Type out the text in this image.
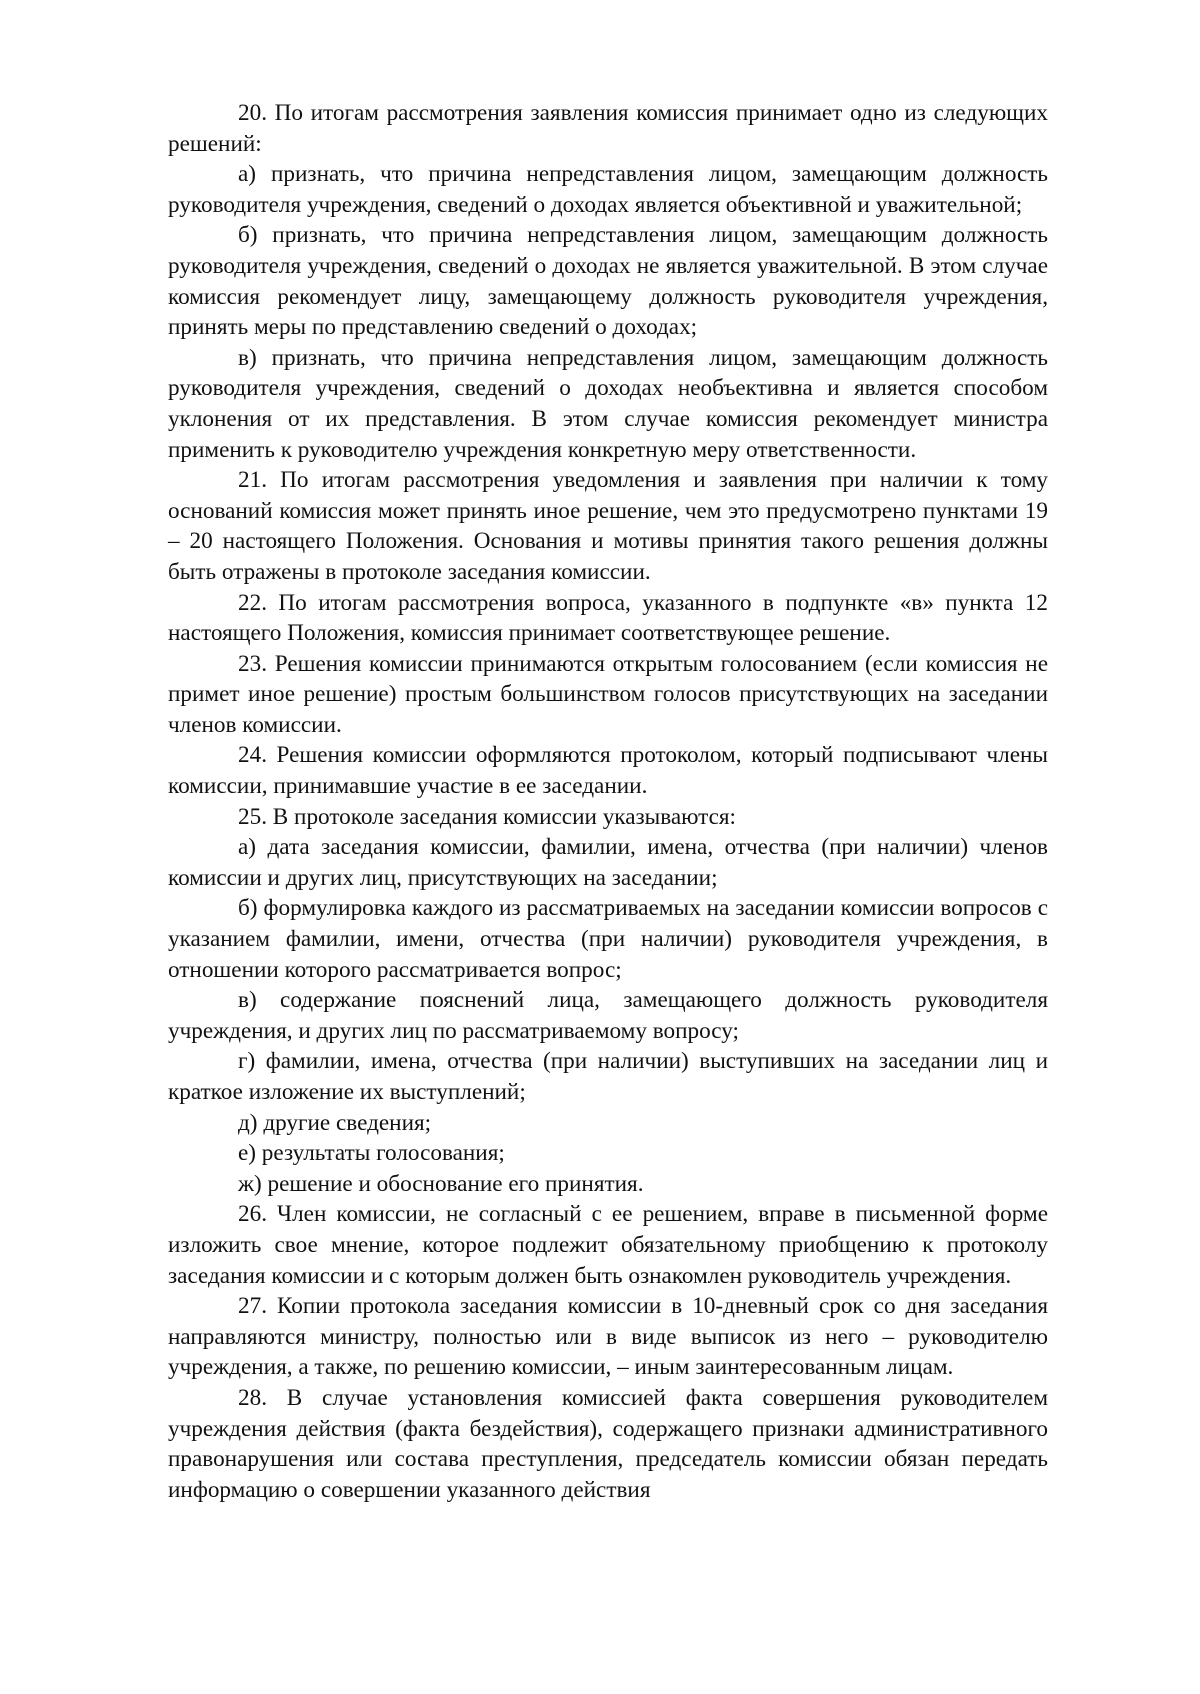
20. По итогам рассмотрения заявления комиссия принимает одно из следующих решений:

а) признать, что причина непредставления лицом, замещающим должность руководителя учреждения, сведений о доходах является объективной и уважительной;

б) признать, что причина непредставления лицом, замещающим должность руководителя учреждения, сведений о доходах не является уважительной. В этом случае комиссия рекомендует лицу, замещающему должность руководителя учреждения, принять меры по представлению сведений о доходах;

в) признать, что причина непредставления лицом, замещающим должность руководителя учреждения, сведений о доходах необъективна и является способом уклонения от их представления. В этом случае комиссия рекомендует министра применить к руководителю учреждения конкретную меру ответственности.

21. По итогам рассмотрения уведомления и заявления при наличии к тому оснований комиссия может принять иное решение, чем это предусмотрено пунктами 19 – 20 настоящего Положения. Основания и мотивы принятия такого решения должны быть отражены в протоколе заседания комиссии.

22. По итогам рассмотрения вопроса, указанного в подпункте «в» пункта 12 настоящего Положения, комиссия принимает соответствующее решение.

23. Решения комиссии принимаются открытым голосованием (если комиссия не примет иное решение) простым большинством голосов присутствующих на заседании членов комиссии.

24. Решения комиссии оформляются протоколом, который подписывают члены комиссии, принимавшие участие в ее заседании.

25. В протоколе заседания комиссии указываются:

а) дата заседания комиссии, фамилии, имена, отчества (при наличии) членов комиссии и других лиц, присутствующих на заседании;

б) формулировка каждого из рассматриваемых на заседании комиссии вопросов с указанием фамилии, имени, отчества (при наличии) руководителя учреждения, в отношении которого рассматривается вопрос;

в) содержание пояснений лица, замещающего должность руководителя учреждения, и других лиц по рассматриваемому вопросу;

г) фамилии, имена, отчества (при наличии) выступивших на заседании лиц и краткое изложение их выступлений;

д) другие сведения;

е) результаты голосования;

ж) решение и обоснование его принятия.

26. Член комиссии, не согласный с ее решением, вправе в письменной форме изложить свое мнение, которое подлежит обязательному приобщению к протоколу заседания комиссии и с которым должен быть ознакомлен руководитель учреждения.

27. Копии протокола заседания комиссии в 10-дневный срок со дня заседания направляются министру, полностью или в виде выписок из него – руководителю учреждения, а также, по решению комиссии, – иным заинтересованным лицам.

28. В случае установления комиссией факта совершения руководителем учреждения действия (факта бездействия), содержащего признаки административного правонарушения или состава преступления, председатель комиссии обязан передать информацию о совершении указанного действия
